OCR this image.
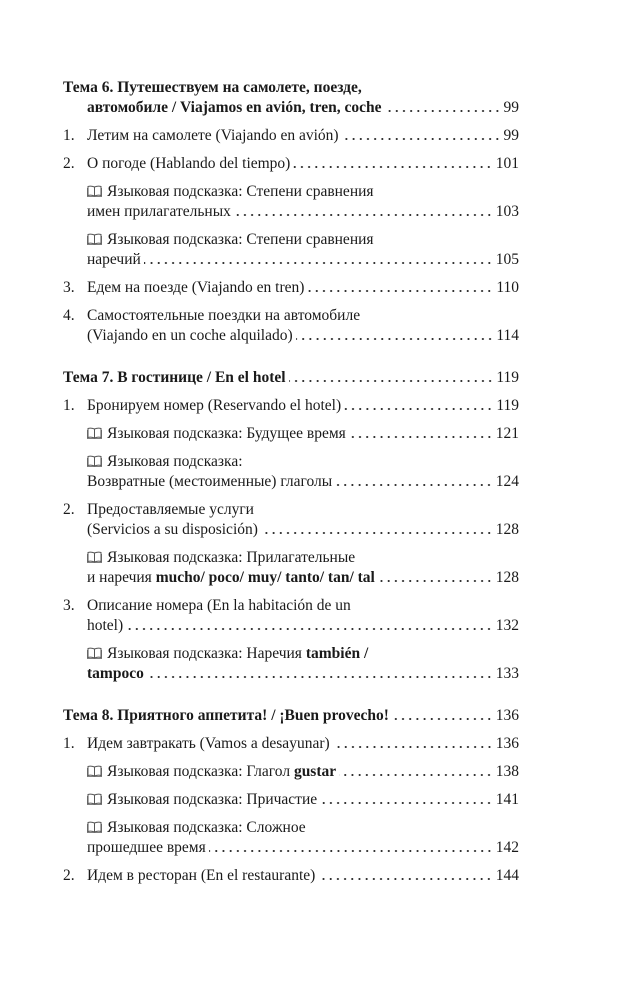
Тема 6. Путешествуем на самолете, поезде,
автомобиле / Viajamos en avión, tren, coche	99
1. Летим на самолете (Viajando en avión)	99
2. О погоде (Hablando del tiempo)	101
Языковая подсказка: Степени сравнения
имен прилагательных	103
Языковая подсказка: Степени сравнения
наречий	105
3. Едем на поезде (Viajando en tren)	110
4. Самостоятельные поездки на автомобиле
(Viajando en un coche alquilado)	114
Тема 7. В гостинице / En el hotel	119
1. Бронируем номер (Reservando el hotel)	119
Языковая подсказка: Будущее время	121
Языковая подсказка:
Возвратные (местоименные) глаголы	124
2. Предоставляемые услуги
(Servicios a su disposición)	128
Языковая подсказка: Прилагательные
и наречия mucho/ poco/ muy/ tanto/ tan/ tal	128
3. Описание номера (En la habitación de un
hotel)	132
Языковая подсказка: Наречия también /
tampoco	133
Тема 8. Приятного аппетита! / ¡Buen provecho!	136
1. Идем завтракать (Vamos a desayunar)	136
Языковая подсказка: Глагол gustar	138
Языковая подсказка: Причастие	141
Языковая подсказка: Сложное
прошедшее время	142
2. Идем в ресторан (En el restaurante)	144
